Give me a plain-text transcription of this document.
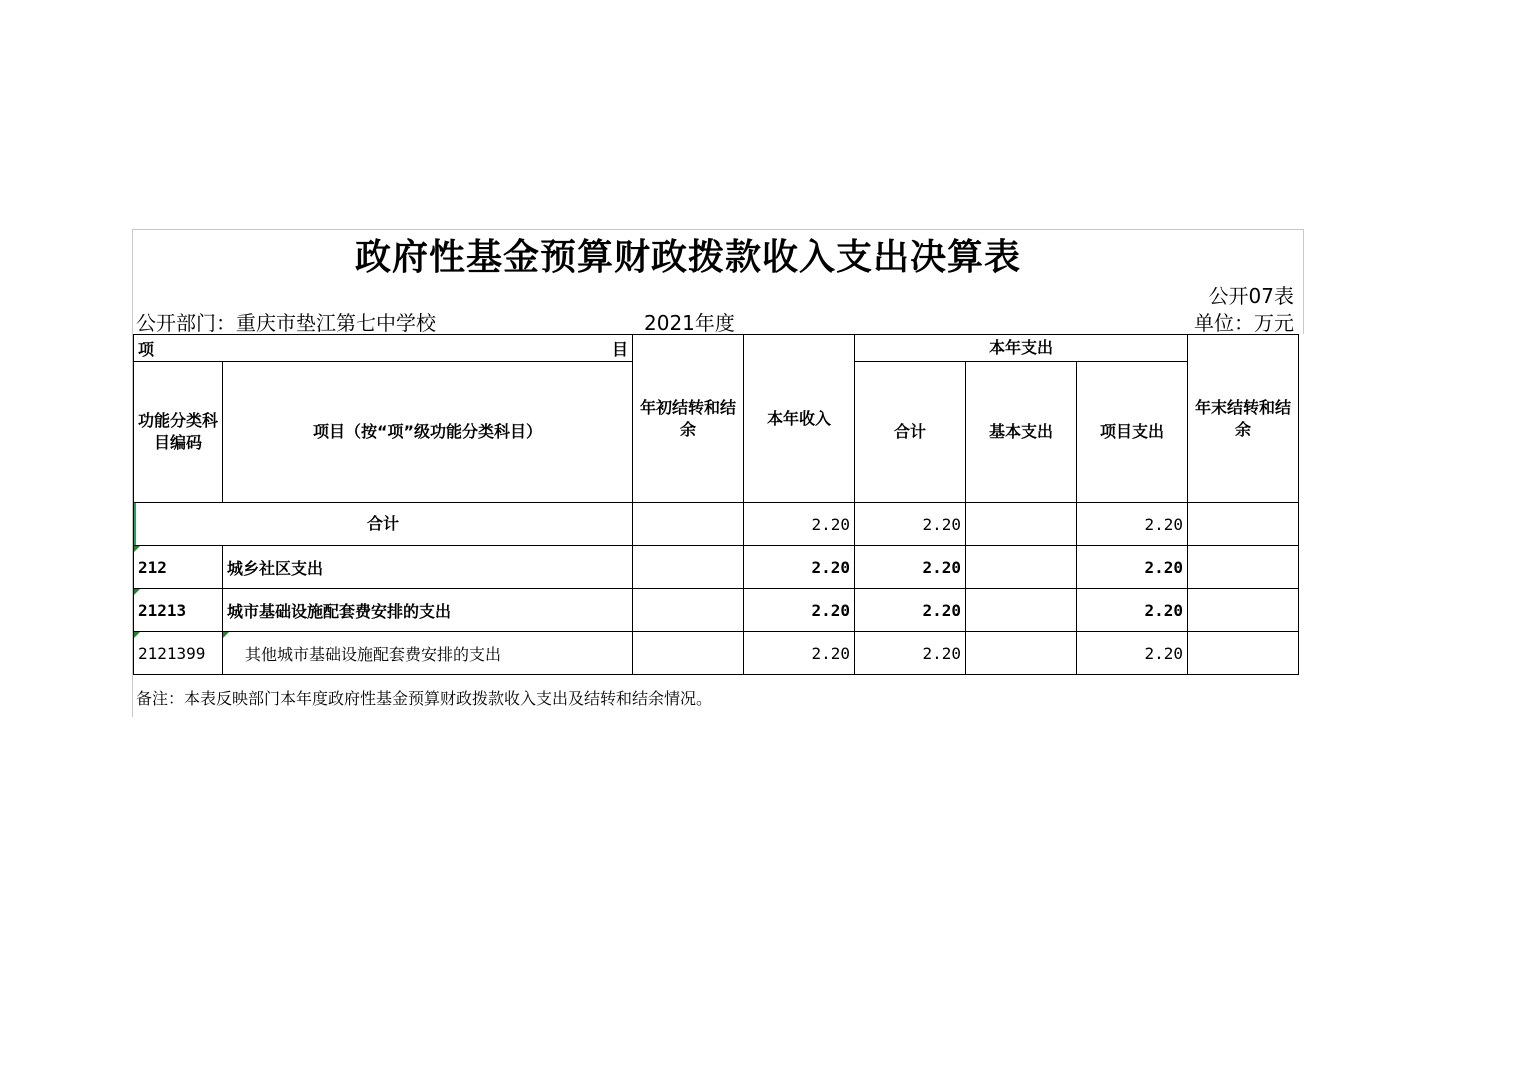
政府性基金预算财政拨款收入支出决算表
公开07表
公开部门：重庆市垫江第七中学校	2021年度	单位：万元
项 目		年初结转和结余	本年收入	本年支出			年末结转和结余
功能分类科目编码	项目（按“项”级功能分类科目）			合计	基本支出	项目支出	

合计			2.20	2.20		2.20	

212	城乡社区支出		2.20	2.20		2.20	

21213	城市基础设施配套费安排的支出		2.20	2.20		2.20	

2121399	其他城市基础设施配套费安排的支出		2.20	2.20		2.20	
备注：本表反映部门本年度政府性基金预算财政拨款收入支出及结转和结余情况。
